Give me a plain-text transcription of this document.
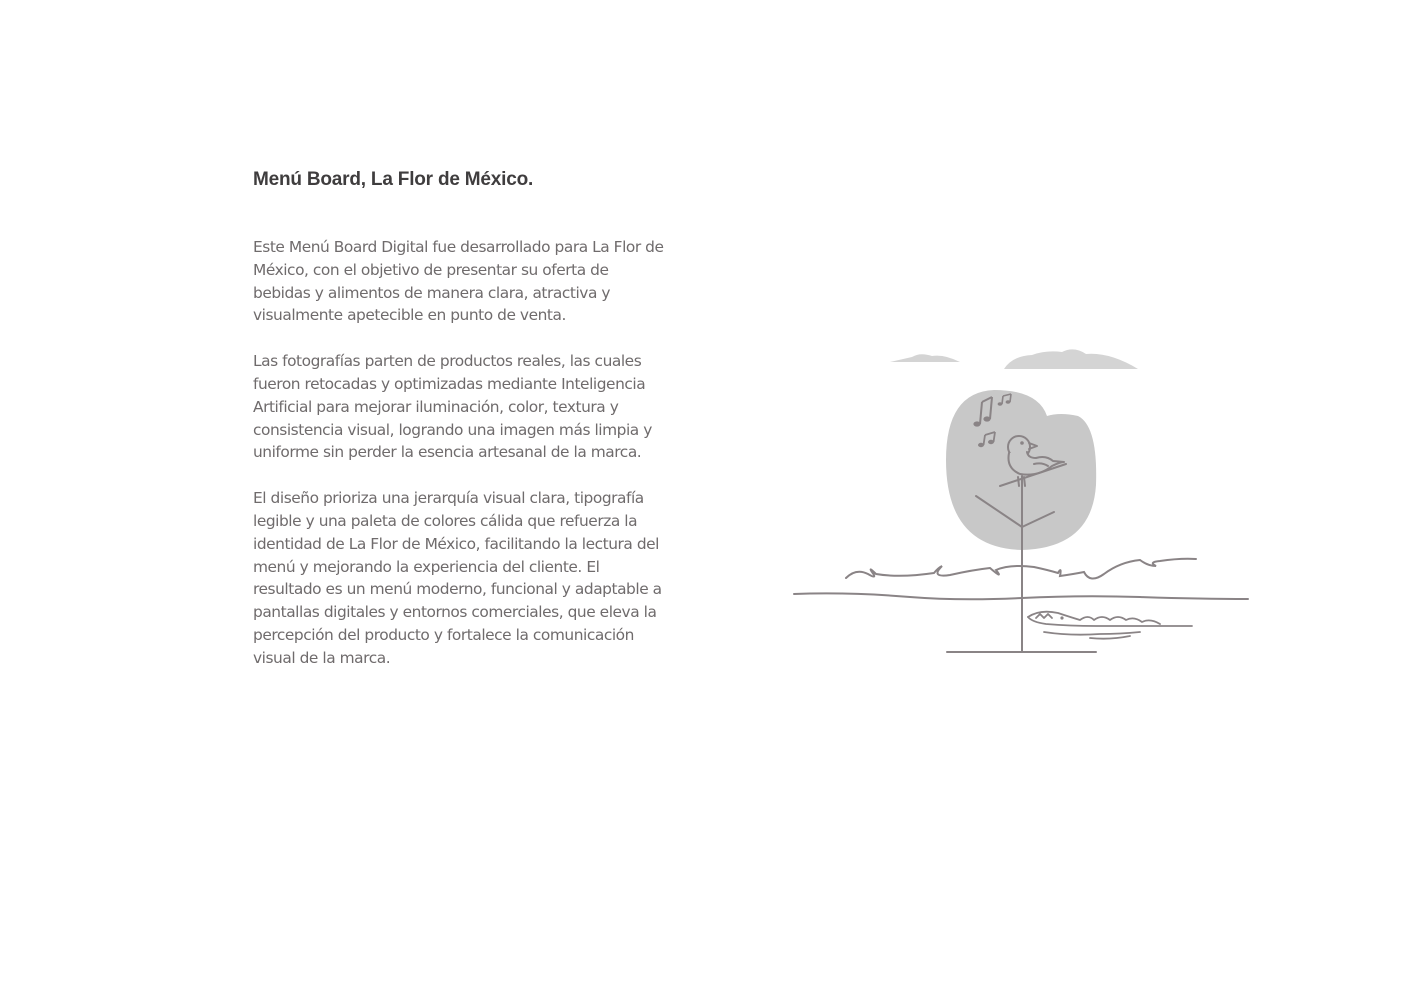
Menú Board, La Flor de México.

Este Menú Board Digital fue desarrollado para La Flor de México, con el objetivo de presentar su oferta de bebidas y alimentos de manera clara, atractiva y visualmente apetecible en punto de venta.

Las fotografías parten de productos reales, las cuales fueron retocadas y optimizadas mediante Inteligencia Artificial para mejorar iluminación, color, textura y consistencia visual, logrando una imagen más limpia y uniforme sin perder la esencia artesanal de la marca.

El diseño prioriza una jerarquía visual clara, tipografía legible y una paleta de colores cálida que refuerza la identidad de La Flor de México, facilitando la lectura del menú y mejorando la experiencia del cliente. El resultado es un menú moderno, funcional y adaptable a pantallas digitales y entornos comerciales, que eleva la percepción del producto y fortalece la comunicación visual de la marca.
